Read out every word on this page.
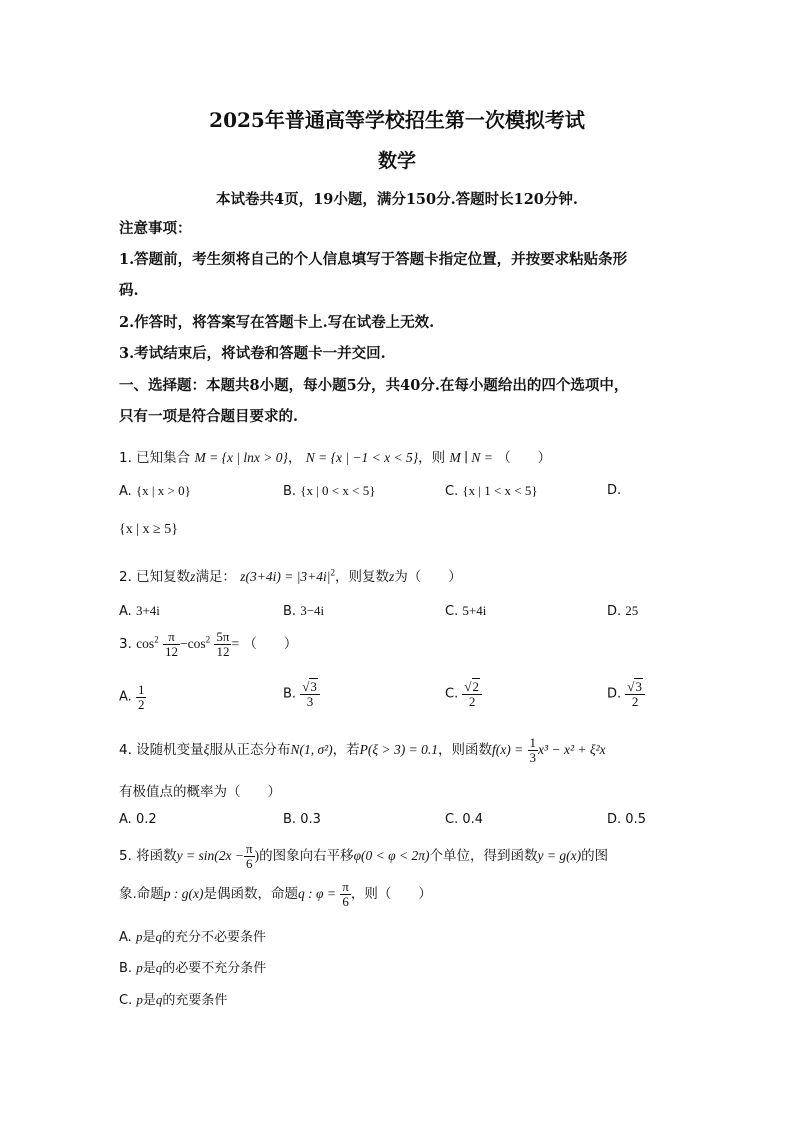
2025年普通高等学校招生第一次模拟考试
数学
本试卷共4页，19小题，满分150分.答题时长120分钟.
注意事项：
1.答题前，考生须将自己的个人信息填写于答题卡指定位置，并按要求粘贴条形
码.
2.作答时，将答案写在答题卡上.写在试卷上无效.
3.考试结束后，将试卷和答题卡一并交回.
一、选择题：本题共8小题，每小题5分，共40分.在每小题给出的四个选项中，
只有一项是符合题目要求的.
1. 已知集合 M = {x | lnx > 0}， N = {x | −1 < x < 5}，则 M ∣ N = （　　）
A. {x | x > 0}	B. {x | 0 < x < 5}	C. {x | 1 < x < 5}	D.
{x | x ≥ 5}
2. 已知复数z满足： $z(3+4i) = |3+4i|^2$，则复数z为（　　）
A. 3+4i	B. 3−4i	C. 5+4i	D. 25
3. $\cos^2 \frac{\pi}{12} -\cos^2 \frac{5\pi}{12}$ = （　　）
A. $\frac{1}{2}$	B. $\frac{√3}{3}$	C. $\frac{√2}{2}$	D. $\frac{√3}{2}$
4. 设随机变量ξ服从正态分布N(1, σ²)，若P(ξ > 3) = 0.1，则函数$f(x) = \frac{1}{3} x^3 - x^2 + \xi^2x$
有极值点的概率为（　　）
A. 0.2	B. 0.3	C. 0.4	D. 0.5
5. 将函数$y = \sin(2x - \frac{\pi}{6}$ )的图象向右平移φ(0 < φ < 2π)个单位，得到函数y = g(x)的图
象.命题p : g(x)是偶函数，命题q : $\varphi = \frac{\pi}{6}$ ，则（　　）
A. p是q的充分不必要条件
B. p是q的必要不充分条件
C. p是q的充要条件
